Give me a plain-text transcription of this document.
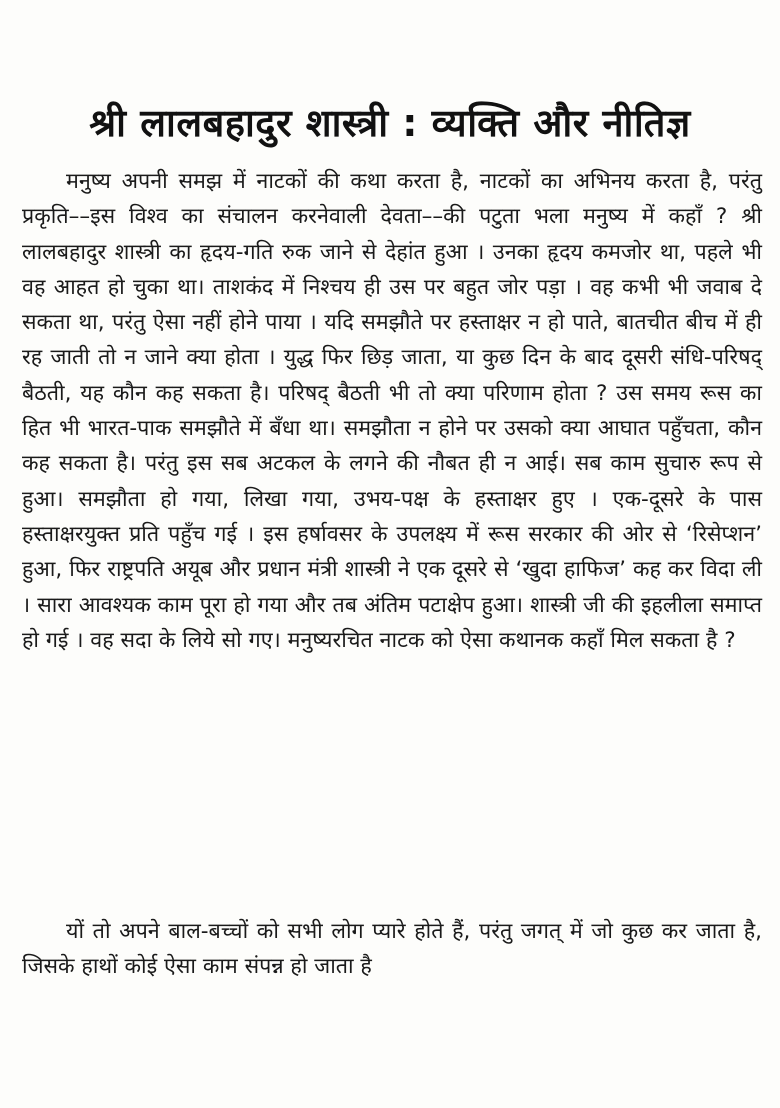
श्री लालबहादुर शास्त्री : व्यक्ति और नीतिज्ञ

मनुष्य अपनी समझ में नाटकों की कथा करता है, नाटकों का अभिनय करता है, परंतु प्रकृति––इस विश्व का संचालन करनेवाली देवता––की पटुता भला मनुष्य में कहाँ ? श्री लालबहादुर शास्त्री का हृदय-गति रुक जाने से देहांत हुआ । उनका हृदय कमजोर था, पहले भी वह आहत हो चुका था। ताशकंद में निश्चय ही उस पर बहुत जोर पड़ा । वह कभी भी जवाब दे सकता था, परंतु ऐसा नहीं होने पाया । यदि समझौते पर हस्ताक्षर न हो पाते, बातचीत बीच में ही रह जाती तो न जाने क्या होता । युद्ध फिर छिड़ जाता, या कुछ दिन के बाद दूसरी संधि-परिषद् बैठती, यह कौन कह सकता है। परिषद् बैठती भी तो क्या परिणाम होता ? उस समय रूस का हित भी भारत-पाक समझौते में बँधा था। समझौता न होने पर उसको क्या आघात पहुँचता, कौन कह सकता है। परंतु इस सब अटकल के लगने की नौबत ही न आई। सब काम सुचारु रूप से हुआ। समझौता हो गया, लिखा गया, उभय-पक्ष के हस्ताक्षर हुए । एक-दूसरे के पास हस्ताक्षरयुक्त प्रति पहुँच गई । इस हर्षावसर के उपलक्ष्य में रूस सरकार की ओर से ‘रिसेप्शन’ हुआ, फिर राष्ट्रपति अयूब और प्रधान मंत्री शास्त्री ने एक दूसरे से ‘खुदा हाफिज’ कह कर विदा ली । सारा आवश्यक काम पूरा हो गया और तब अंतिम पटाक्षेप हुआ। शास्त्री जी की इहलीला समाप्त हो गई । वह सदा के लिये सो गए। मनुष्यरचित नाटक को ऐसा कथानक कहाँ मिल सकता है ?

यों तो अपने बाल-बच्चों को सभी लोग प्यारे होते हैं, परंतु जगत् में जो कुछ कर जाता है, जिसके हाथों कोई ऐसा काम संपन्न हो जाता है
